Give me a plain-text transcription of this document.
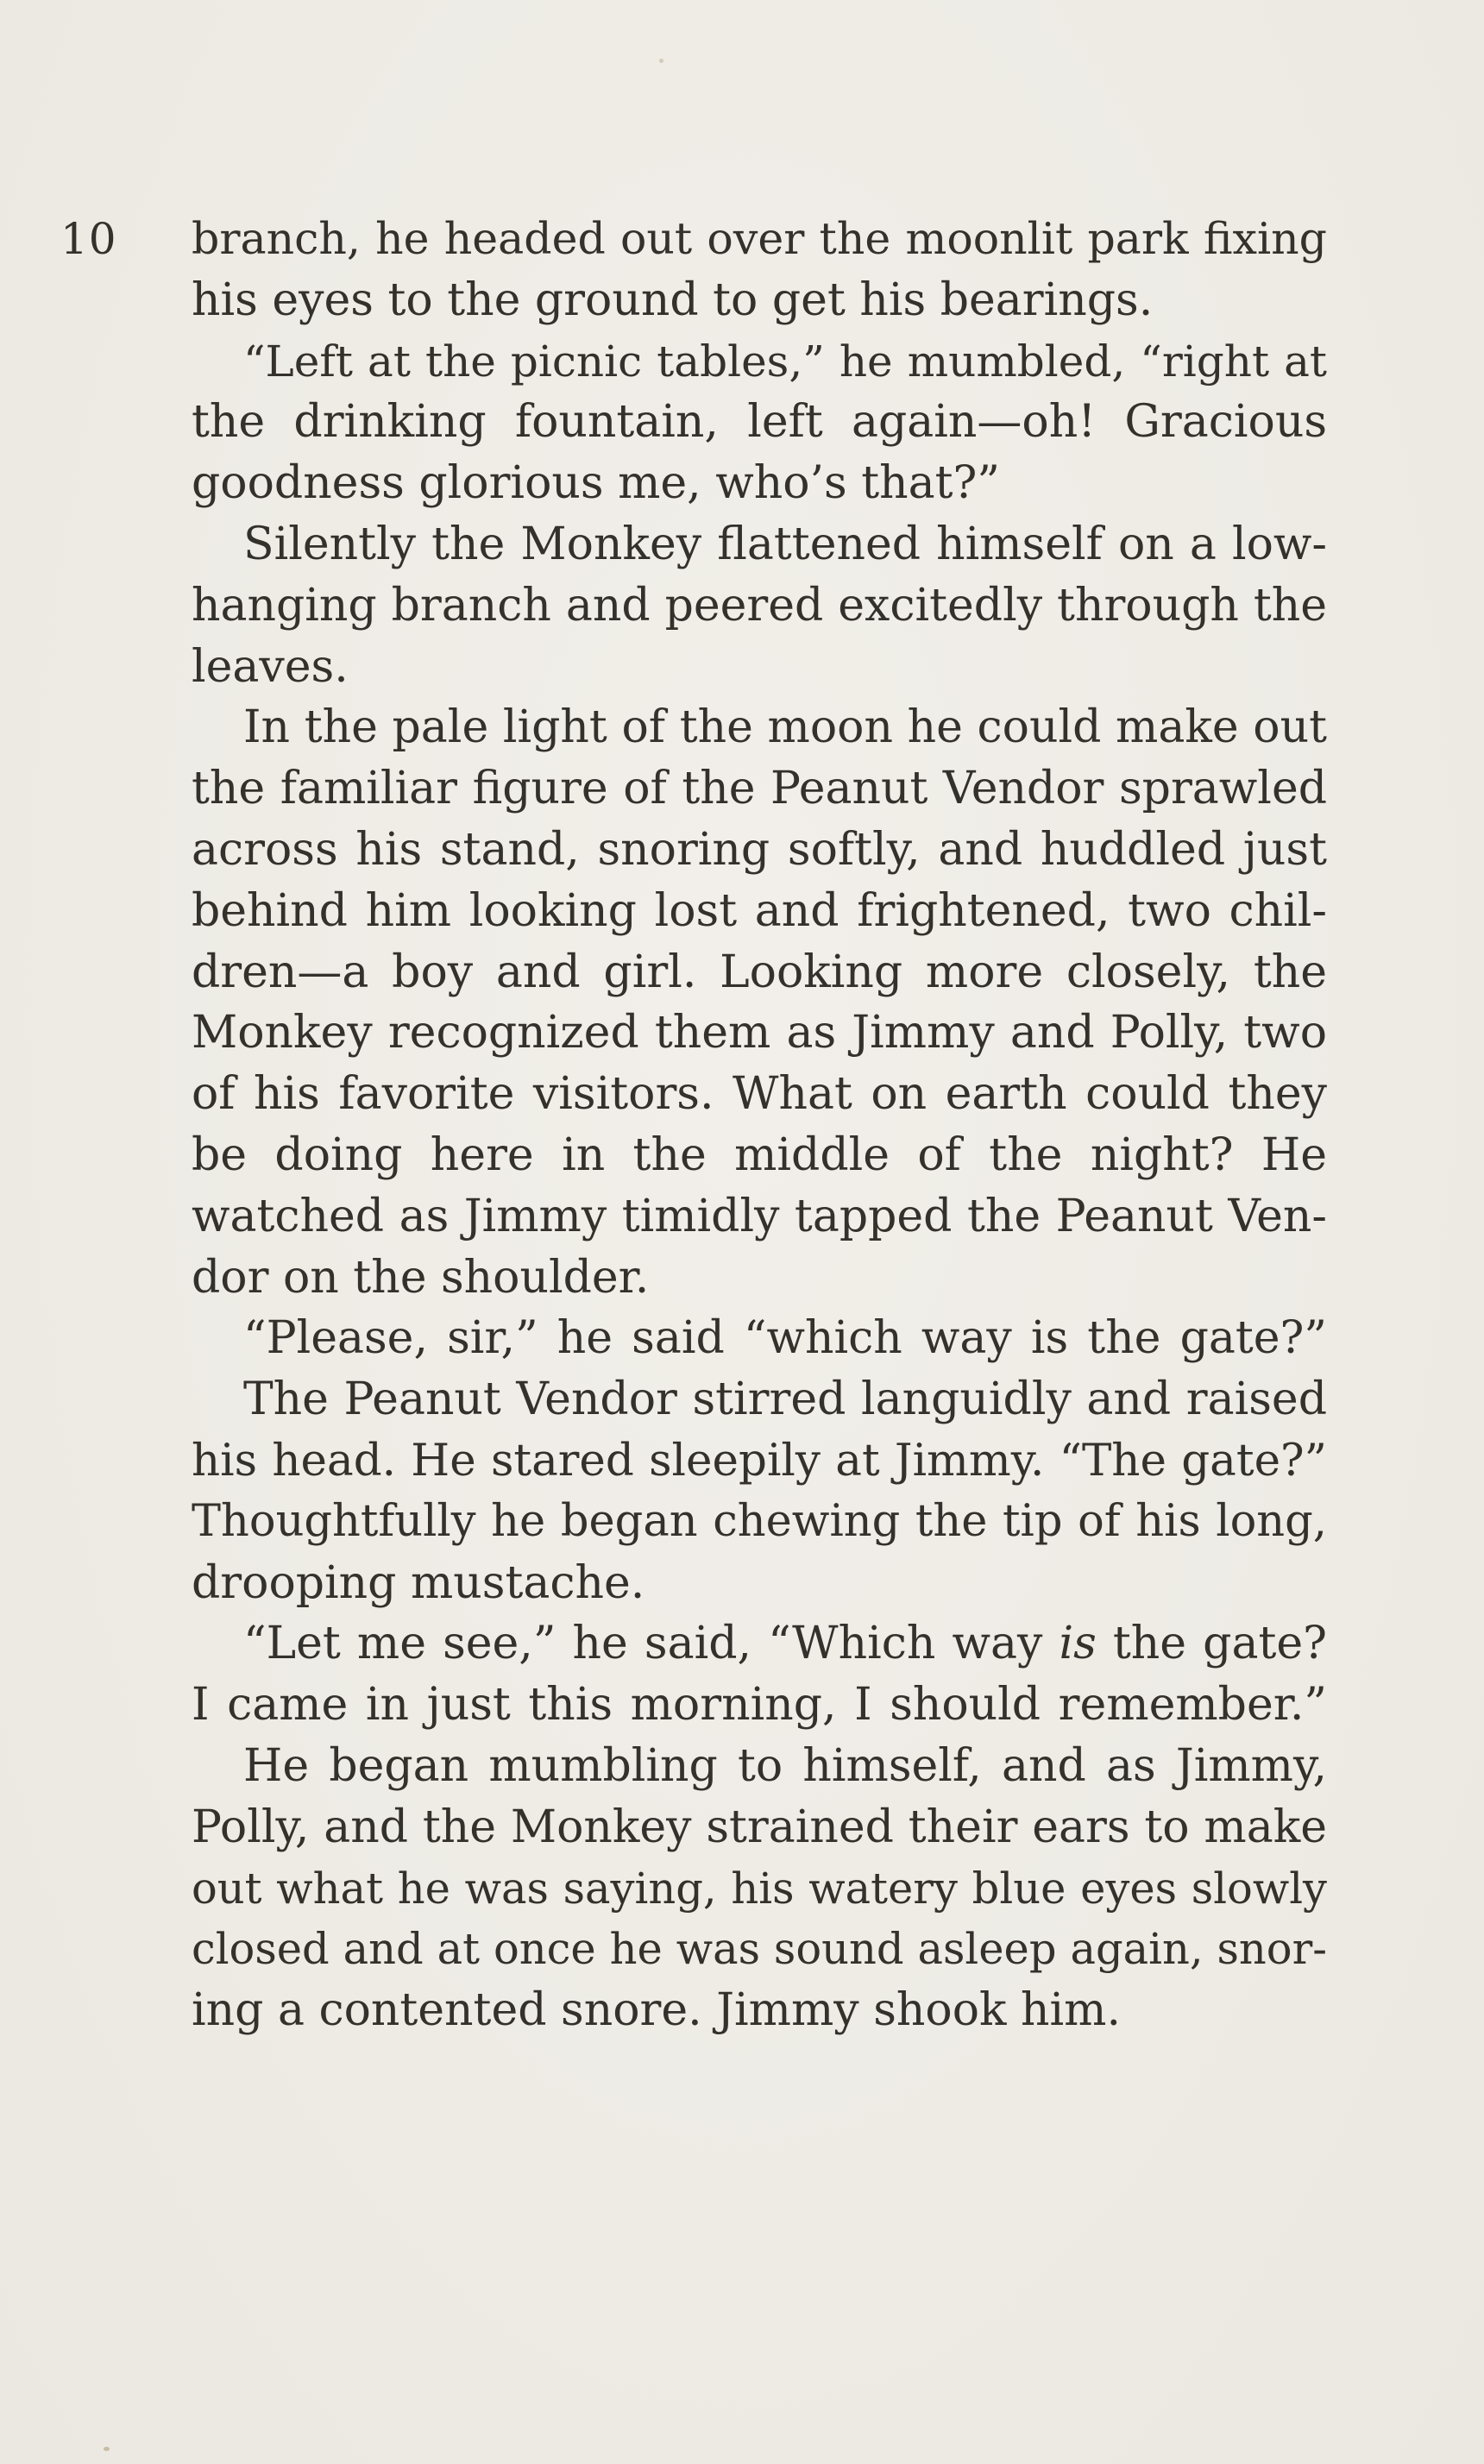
10 branch, he headed out over the moonlit park fixing
his eyes to the ground to get his bearings.
“Left at the picnic tables,” he mumbled, “right at
the drinking fountain, left again—oh! Gracious
goodness glorious me, who’s that?”
Silently the Monkey flattened himself on a low-
hanging branch and peered excitedly through the
leaves.
In the pale light of the moon he could make out
the familiar figure of the Peanut Vendor sprawled
across his stand, snoring softly, and huddled just
behind him looking lost and frightened, two chil-
dren—a boy and girl. Looking more closely, the
Monkey recognized them as Jimmy and Polly, two
of his favorite visitors. What on earth could they
be doing here in the middle of the night? He
watched as Jimmy timidly tapped the Peanut Ven-
dor on the shoulder.
“Please, sir,” he said “which way is the gate?”
The Peanut Vendor stirred languidly and raised
his head. He stared sleepily at Jimmy. “The gate?”
Thoughtfully he began chewing the tip of his long,
drooping mustache.
“Let me see,” he said, “Which way is the gate?
I came in just this morning, I should remember.”
He began mumbling to himself, and as Jimmy,
Polly, and the Monkey strained their ears to make
out what he was saying, his watery blue eyes slowly
closed and at once he was sound asleep again, snor-
ing a contented snore. Jimmy shook him.
